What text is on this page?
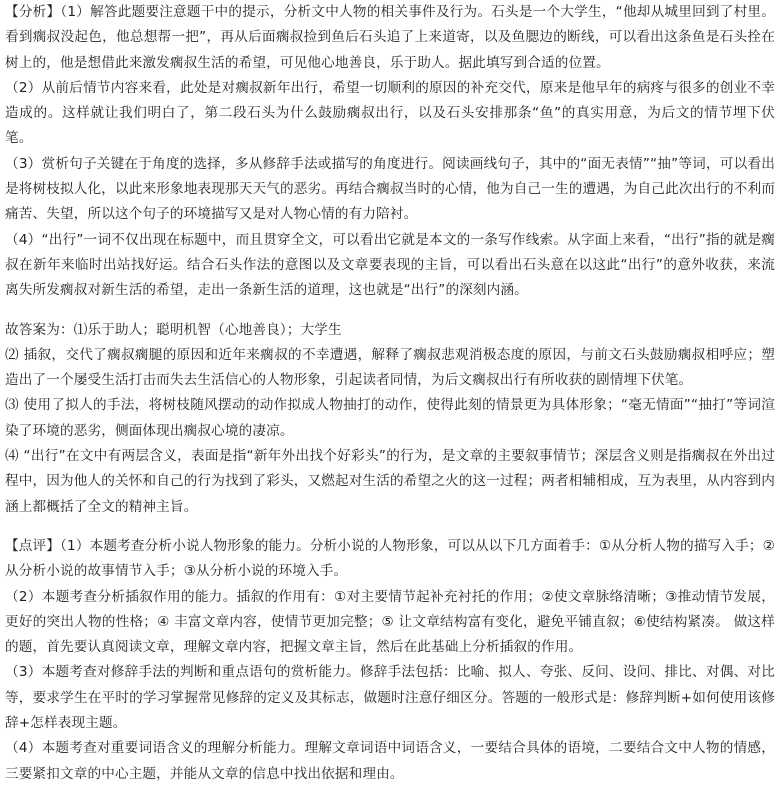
【分析】（1）解答此题要注意题干中的提示，分析文中人物的相关事件及行为。石头是一个大学生，“他却从城里回到了村里。看到瘸叔没起色，他总想帮一把”，再从后面瘸叔捡到鱼后石头追了上来道寄，以及鱼腮边的断线，可以看出这条鱼是石头拴在树上的，他是想借此来激发瘸叔生活的希望，可见他心地善良，乐于助人。据此填写到合适的位置。

（2）从前后情节内容来看，此处是对瘸叔新年出行，希望一切顺利的原因的补充交代，原来是他早年的病疼与很多的创业不幸造成的。这样就让我们明白了，第二段石头为什么鼓励瘸叔出行，以及石头安排那条“鱼”的真实用意，为后文的情节埋下伏笔。

（3）赏析句子关键在于角度的选择，多从修辞手法或描写的角度进行。阅读画线句子，其中的“面无表情”“抽”等词，可以看出是将树枝拟人化，以此来形象地表现那天天气的恶劣。再结合瘸叔当时的心情，他为自己一生的遭遇，为自己此次出行的不利而痛苦、失望，所以这个句子的环境描写又是对人物心情的有力陪衬。

（4）“出行”一词不仅出现在标题中，而且贯穿全文，可以看出它就是本文的一条写作线索。从字面上来看，“出行”指的就是瘸叔在新年来临时出站找好运。结合石头作法的意图以及文章要表现的主旨，可以看出石头意在以这此“出行”的意外收获，来流离失所发瘸叔对新生活的希望，走出一条新生活的道理，这也就是“出行”的深刻内涵。

故答案为：⑴乐于助人；聪明机智（心地善良）；大学生

⑵ 插叙，交代了瘸叔瘸腿的原因和近年来瘸叔的不幸遭遇，解释了瘸叔悲观消极态度的原因，与前文石头鼓励瘸叔相呼应；塑造出了一个屡受生活打击而失去生活信心的人物形象，引起读者同情，为后文瘸叔出行有所收获的剧情埋下伏笔。

⑶ 使用了拟人的手法，将树枝随风摆动的动作拟成人物抽打的动作，使得此刻的情景更为具体形象；“毫无情面”“抽打”等词渲染了环境的恶劣，侧面体现出瘸叔心境的凄凉。

⑷ “出行”在文中有两层含义，表面是指“新年外出找个好彩头”的行为，是文章的主要叙事情节；深层含义则是指瘸叔在外出过程中，因为他人的关怀和自己的行为找到了彩头，又燃起对生活的希望之火的这一过程；两者相辅相成，互为表里，从内容到内涵上都概括了全文的精神主旨。

【点评】（1）本题考查分析小说人物形象的能力。分析小说的人物形象，可以从以下几方面着手：①从分析人物的描写入手；②从分析小说的故事情节入手；③从分析小说的环境入手。

（2）本题考查分析插叙作用的能力。插叙的作用有：①对主要情节起补充衬托的作用；②使文章脉络清晰；③推动情节发展，更好的突出人物的性格；④ 丰富文章内容，使情节更加完整；⑤ 让文章结构富有变化，避免平铺直叙；⑥使结构紧凑。 做这样的题，首先要认真阅读文章，理解文章内容，把握文章主旨，然后在此基础上分析插叙的作用。

（3）本题考查对修辞手法的判断和重点语句的赏析能力。修辞手法包括：比喻、拟人、夸张、反问、设问、排比、对偶、对比等，要求学生在平时的学习掌握常见修辞的定义及其标志，做题时注意仔细区分。答题的一般形式是：修辞判断+如何使用该修辞+怎样表现主题。

（4）本题考查对重要词语含义的理解分析能力。理解文章词语中词语含义，一要结合具体的语境，二要结合文中人物的情感，三要紧扣文章的中心主题，并能从文章的信息中找出依据和理由。
